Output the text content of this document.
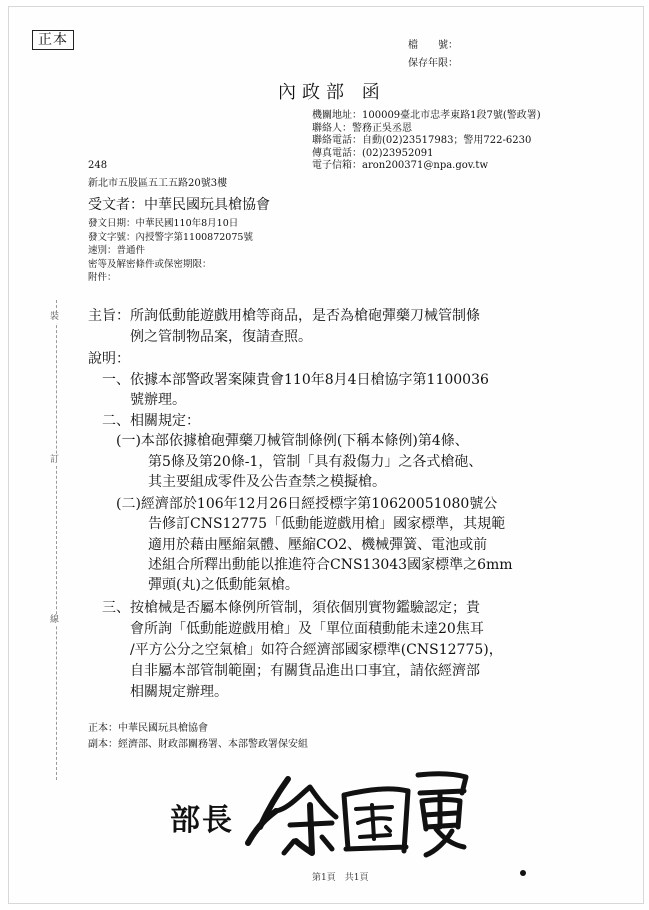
正本	檔　　號：
保存年限：
內政部 函
機關地址：100009臺北市忠孝東路1段7號(警政署)
聯絡人：警務正吳丞恩
聯絡電話：自動(02)23517983；警用722-6230
傳真電話：(02)23952091
電子信箱：aron200371@npa.gov.tw
248
新北市五股區五工五路20號3樓
受文者：中華民國玩具槍協會
發文日期：中華民國110年8月10日
發文字號：內授警字第1100872075號
速別：普通件
密等及解密條件或保密期限：
附件：
裝
訂
線
主旨：所詢低動能遊戲用槍等商品，是否為槍砲彈藥刀械管制條
例之管制物品案，復請查照。
說明：
一、依據本部警政署案陳貴會110年8月4日槍協字第1100036
號辦理。
二、相關規定：
(一)本部依據槍砲彈藥刀械管制條例(下稱本條例)第4條、
第5條及第20條-1，管制「具有殺傷力」之各式槍砲、
其主要組成零件及公告查禁之模擬槍。
(二)經濟部於106年12月26日經授標字第10620051080號公
告修訂CNS12775「低動能遊戲用槍」國家標準，其規範
適用於藉由壓縮氣體、壓縮CO2、機械彈簧、電池或前
述組合所釋出動能以推進符合CNS13043國家標準之6mm
彈頭(丸)之低動能氣槍。
三、按槍械是否屬本條例所管制，須依個別實物鑑驗認定；貴
會所詢「低動能遊戲用槍」及「單位面積動能未達20焦耳
/平方公分之空氣槍」如符合經濟部國家標準(CNS12775)，
自非屬本部管制範圍；有關貨品進出口事宜，請依經濟部
相關規定辦理。
正本：中華民國玩具槍協會
副本：經濟部、財政部關務署、本部警政署保安組
部長
第1頁　共1頁
